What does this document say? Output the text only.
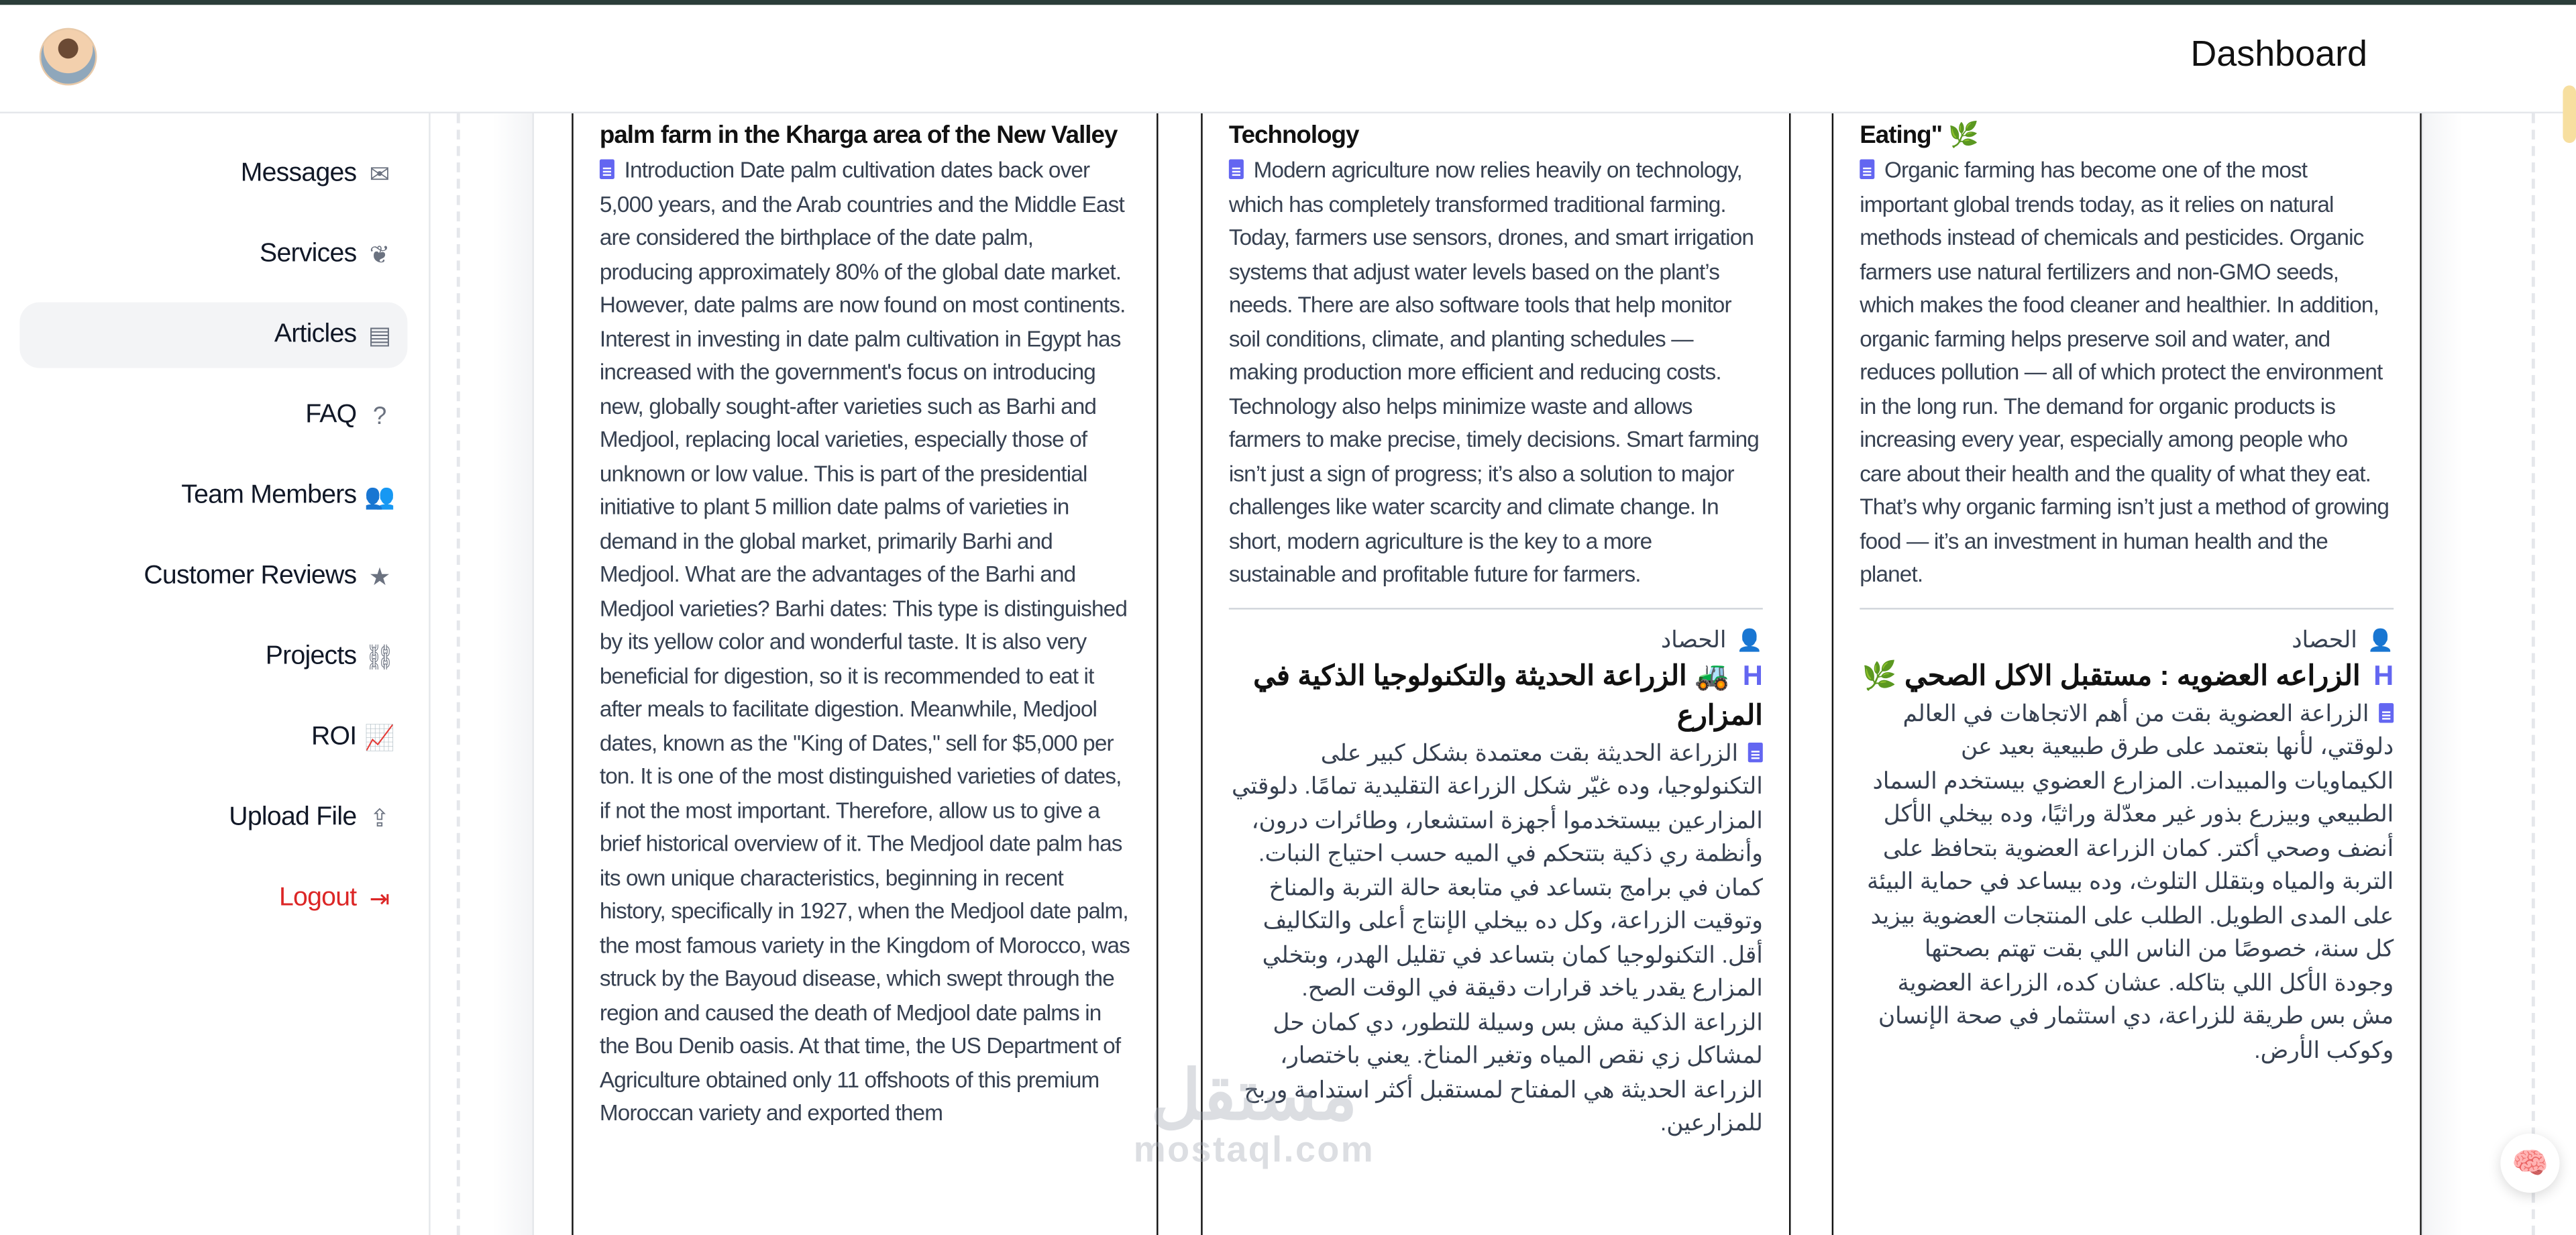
Dashboard
Messages	✉
Services	❦
Articles	▤
FAQ	?
Team Members 👥
Customer Reviews	★
Projects ⛓
ROI 📈
Upload File	⇪
Logout	⇥
palm farm in the Kharga area of the New Valley

Introduction Date palm cultivation dates back over 5,000 years, and the Arab countries and the Middle East are considered the birthplace of the date palm, producing approximately 80% of the global date market. However, date palms are now found on most continents. Interest in investing in date palm cultivation in Egypt has increased with the government's focus on introducing new, globally sought-after varieties such as Barhi and Medjool, replacing local varieties, especially those of unknown or low value. This is part of the presidential initiative to plant 5 million date palms of varieties in demand in the global market, primarily Barhi and Medjool. What are the advantages of the Barhi and Medjool varieties? Barhi dates: This type is distinguished by its yellow color and wonderful taste. It is also very beneficial for digestion, so it is recommended to eat it after meals to facilitate digestion. Meanwhile, Medjool dates, known as the "King of Dates," sell for $5,000 per ton. It is one of the most distinguished varieties of dates, if not the most important. Therefore, allow us to give a brief historical overview of it. The Medjool date palm has its own unique characteristics, beginning in recent history, specifically in 1927, when the Medjool date palm, the most famous variety in the Kingdom of Morocco, was struck by the Bayoud disease, which swept through the region and caused the death of Medjool date palms in the Bou Denib oasis. At that time, the US Department of Agriculture obtained only 11 offshoots of this premium Moroccan variety and exported them

Technology

Modern agriculture now relies heavily on technology, which has completely transformed traditional farming. Today, farmers use sensors, drones, and smart irrigation systems that adjust water levels based on the plant’s needs. There are also software tools that help monitor soil conditions, climate, and planting schedules — making production more efficient and reducing costs. Technology also helps minimize waste and allows farmers to make precise, timely decisions. Smart farming isn’t just a sign of progress; it’s also a solution to major challenges like water scarcity and climate change. In short, modern agriculture is the key to a more sustainable and profitable future for farmers.

👤الحصاد
H🚜 الزراعة الحديثة والتكنولوجيا الذكية في المزارع

الزراعة الحديثة بقت معتمدة بشكل كبير على التكنولوجيا، وده غيّر شكل الزراعة التقليدية تمامًا. دلوقتي المزارعين بيستخدموا أجهزة استشعار، وطائرات درون، وأنظمة ري ذكية بتتحكم في الميه حسب احتياج النبات. كمان في برامج بتساعد في متابعة حالة التربة والمناخ وتوقيت الزراعة، وكل ده بيخلي الإنتاج أعلى والتكاليف أقل. التكنولوجيا كمان بتساعد في تقليل الهدر، وبتخلي المزارع يقدر ياخد قرارات دقيقة في الوقت الصح. الزراعة الذكية مش بس وسيلة للتطور، دي كمان حل لمشاكل زي نقص المياه وتغير المناخ. يعني باختصار، الزراعة الحديثة هي المفتاح لمستقبل أكثر استدامة وربح للمزارعين.

Eating" 🌿

Organic farming has become one of the most important global trends today, as it relies on natural methods instead of chemicals and pesticides. Organic farmers use natural fertilizers and non-GMO seeds, which makes the food cleaner and healthier. In addition, organic farming helps preserve soil and water, and reduces pollution — all of which protect the environment in the long run. The demand for organic products is increasing every year, especially among people who care about their health and the quality of what they eat. That’s why organic farming isn’t just a method of growing food — it’s an investment in human health and the planet.

👤الحصاد
Hالزراعه العضويه : مستقبل الاكل الصحي 🌿

الزراعة العضوية بقت من أهم الاتجاهات في العالم دلوقتي، لأنها بتعتمد على طرق طبيعية بعيد عن الكيماويات والمبيدات. المزارع العضوي بيستخدم السماد الطبيعي وبيزرع بذور غير معدّلة وراثيًا، وده بيخلي الأكل أنضف وصحي أكتر. كمان الزراعة العضوية بتحافظ على التربة والمياه وبتقلل التلوث، وده بيساعد في حماية البيئة على المدى الطويل. الطلب على المنتجات العضوية بيزيد كل سنة، خصوصًا من الناس اللي بقت تهتم بصحتها وجودة الأكل اللي بتاكله. عشان كده، الزراعة العضوية مش بس طريقة للزراعة، دي استثمار في صحة الإنسان وكوكب الأرض.

مستقل
mostaql.com	🧠
